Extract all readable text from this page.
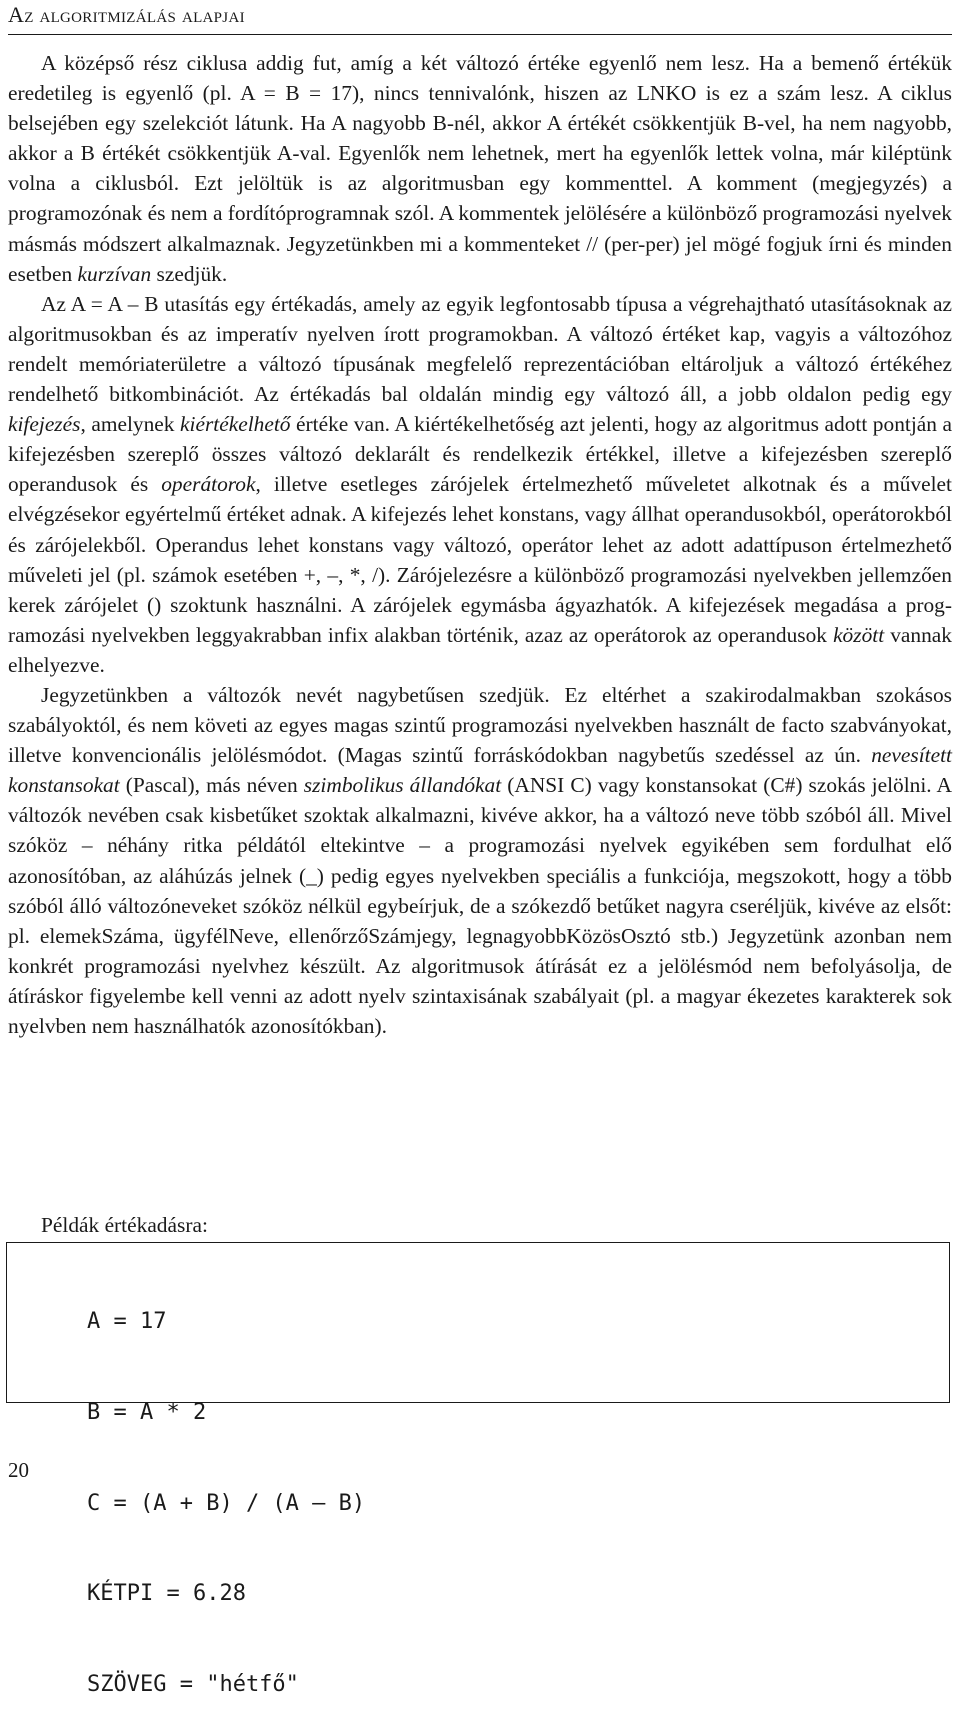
Az algoritmizálás alapjai

A középső rész ciklusa addig fut, amíg a két változó értéke egyenlő nem lesz. Ha a bemenő értékük eredetileg is egyenlő (pl. A = B = 17), nincs tennivalónk, hiszen az LNKO is ez a szám lesz. A ciklus belsejében egy szelekciót látunk. Ha A nagyobb B-nél, akkor A értékét csökkentjük B-vel, ha nem nagyobb, akkor a B értékét csökkentjük A-val. Egyenlők nem lehetnek, mert ha egyenlők lettek volna, már kiléptünk volna a ciklusból. Ezt jelöltük is az algoritmusban egy kommenttel. A komment (megjegyzés) a programozónak és nem a fordítóprogramnak szól. A kommentek jelölésére a különböző programozási nyelvek másmás módszert alkalmaznak. Jegyzetünkben mi a kommenteket // (per-per) jel mögé fogjuk írni és minden esetben kurzívan szedjük.

Az A = A – B utasítás egy értékadás, amely az egyik legfontosabb típusa a végrehajtható utasításoknak az algoritmusokban és az imperatív nyelven írott programokban. A változó értéket kap, vagyis a változóhoz rendelt memóriaterületre a változó típusának megfelelő reprezentációban eltároljuk a változó értékéhez rendelhető bitkombinációt. Az értékadás bal oldalán mindig egy változó áll, a jobb oldalon pedig egy kifejezés, amelynek kiértékelhető értéke van. A kiértékelhetőség azt jelenti, hogy az algoritmus adott pontján a kifejezésben szereplő összes változó deklarált és rendelkezik értékkel, illetve a kifejezésben szereplő operandusok és operátorok, illetve esetleges zárójelek értelmezhető műveletet alkotnak és a művelet elvégzésekor egyértelmű értéket adnak. A kifejezés lehet konstans, vagy állhat operandusokból, operátorokból és zárójelekből. Operandus lehet konstans vagy változó, operátor lehet az adott adattípuson értelmezhető műveleti jel (pl. számok esetében +, –, *, /). Zárójelezésre a különböző programozási nyelvekben jellemzően kerek zárójelet () szoktunk használni. A zárójelek egymásba ágyazhatók. A kifejezések megadása a programozási nyelvekben leggyakrabban infix alakban történik, azaz az operátorok az operandusok között vannak elhelyezve.

Jegyzetünkben a változók nevét nagybetűsen szedjük. Ez eltérhet a szakirodalmakban szokásos szabályoktól, és nem követi az egyes magas szintű programozási nyelvekben használt de facto szabványokat, illetve konvencionális jelölésmódot. (Magas szintű forráskódokban nagybetűs szedéssel az ún. nevesített konstansokat (Pascal), más néven szimbolikus állandókat (ANSI C) vagy konstansokat (C#) szokás jelölni. A változók nevében csak kisbetűket szoktak alkalmazni, kivéve akkor, ha a változó neve több szóból áll. Mivel szóköz – néhány ritka példától eltekintve – a programozási nyelvek egyikében sem fordulhat elő azonosítóban, az aláhúzás jelnek (_) pedig egyes nyelvekben speciális a funkciója, megszokott, hogy a több szóból álló változóneveket szóköz nélkül egybeírjuk, de a szókezdő betűket nagyra cseréljük, kivéve az elsőt: pl. elemekSzáma, ügyfélNeve, ellenőrzőSzámjegy, legnagyobbKözösOsztó stb.) Jegyzetünk azonban nem konkrét programozási nyelvhez készült. Az algoritmusok átírását ez a jelölésmód nem befolyásolja, de átíráskor figyelembe kell venni az adott nyelv szintaxisának szabályait (pl. a magyar ékezetes karakterek sok nyelvben nem használhatók azonosítókban).

Példák értékadásra:

A = 17

B = A * 2

C = (A + B) / (A – B)

KÉTPI = 6.28

SZÖVEG = "hétfő"

20
